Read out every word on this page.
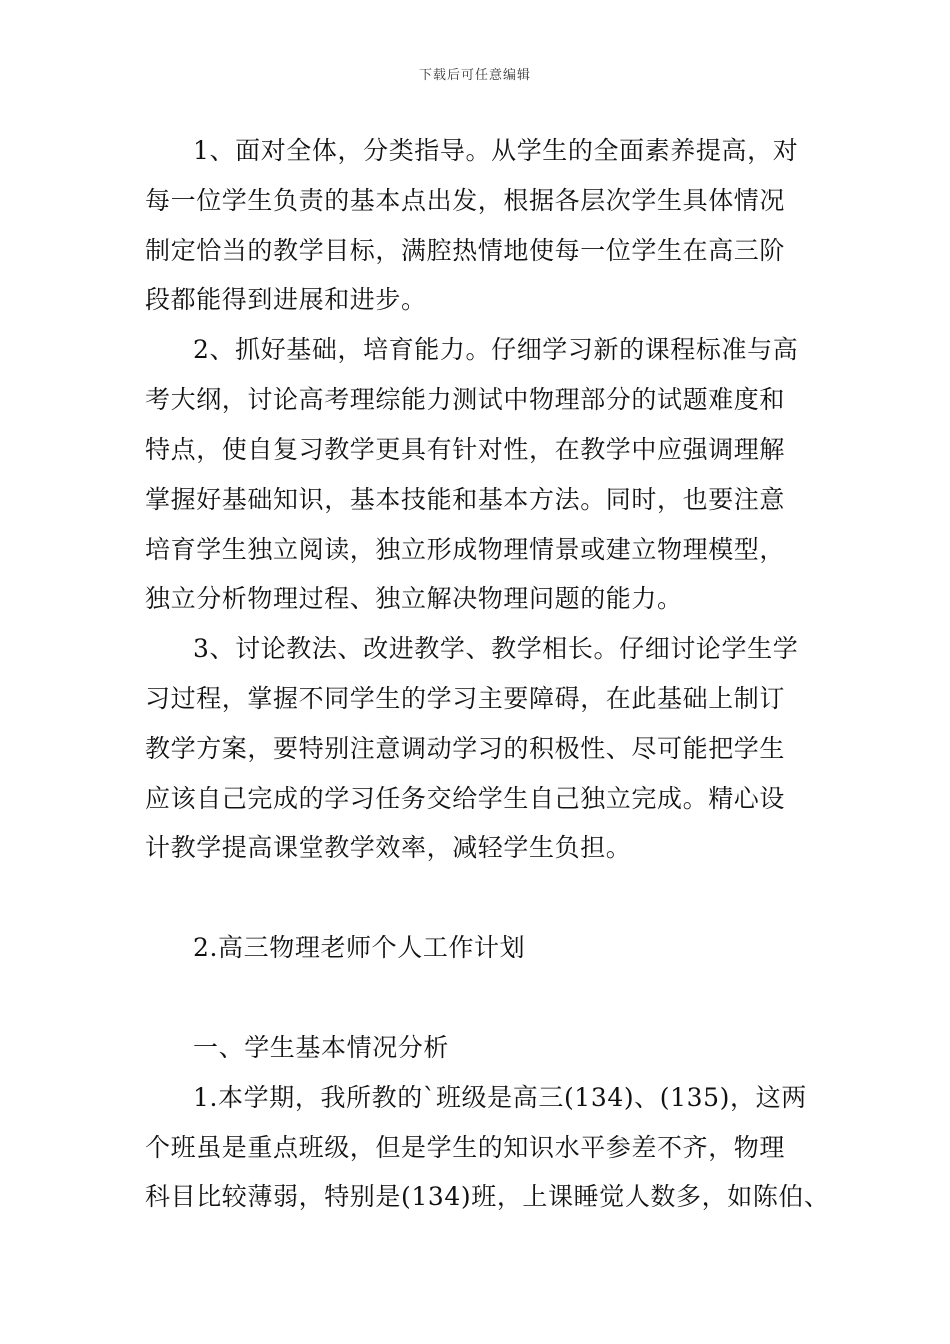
下载后可任意编辑
1、面对全体，分类指导。从学生的全面素养提高，对
每一位学生负责的基本点出发，根据各层次学生具体情况
制定恰当的教学目标，满腔热情地使每一位学生在高三阶
段都能得到进展和进步。
2、抓好基础，培育能力。仔细学习新的课程标准与高
考大纲，讨论高考理综能力测试中物理部分的试题难度和
特点，使自复习教学更具有针对性，在教学中应强调理解
掌握好基础知识，基本技能和基本方法。同时，也要注意
培育学生独立阅读，独立形成物理情景或建立物理模型，
独立分析物理过程、独立解决物理问题的能力。
3、讨论教法、改进教学、教学相长。仔细讨论学生学
习过程，掌握不同学生的学习主要障碍，在此基础上制订
教学方案，要特别注意调动学习的积极性、尽可能把学生
应该自己完成的学习任务交给学生自己独立完成。精心设
计教学提高课堂教学效率，减轻学生负担。
2.高三物理老师个人工作计划
一、学生基本情况分析
1.本学期，我所教的`班级是高三(134)、(135)，这两
个班虽是重点班级，但是学生的知识水平参差不齐，物理
科目比较薄弱，特别是(134)班，上课睡觉人数多，如陈伯、
